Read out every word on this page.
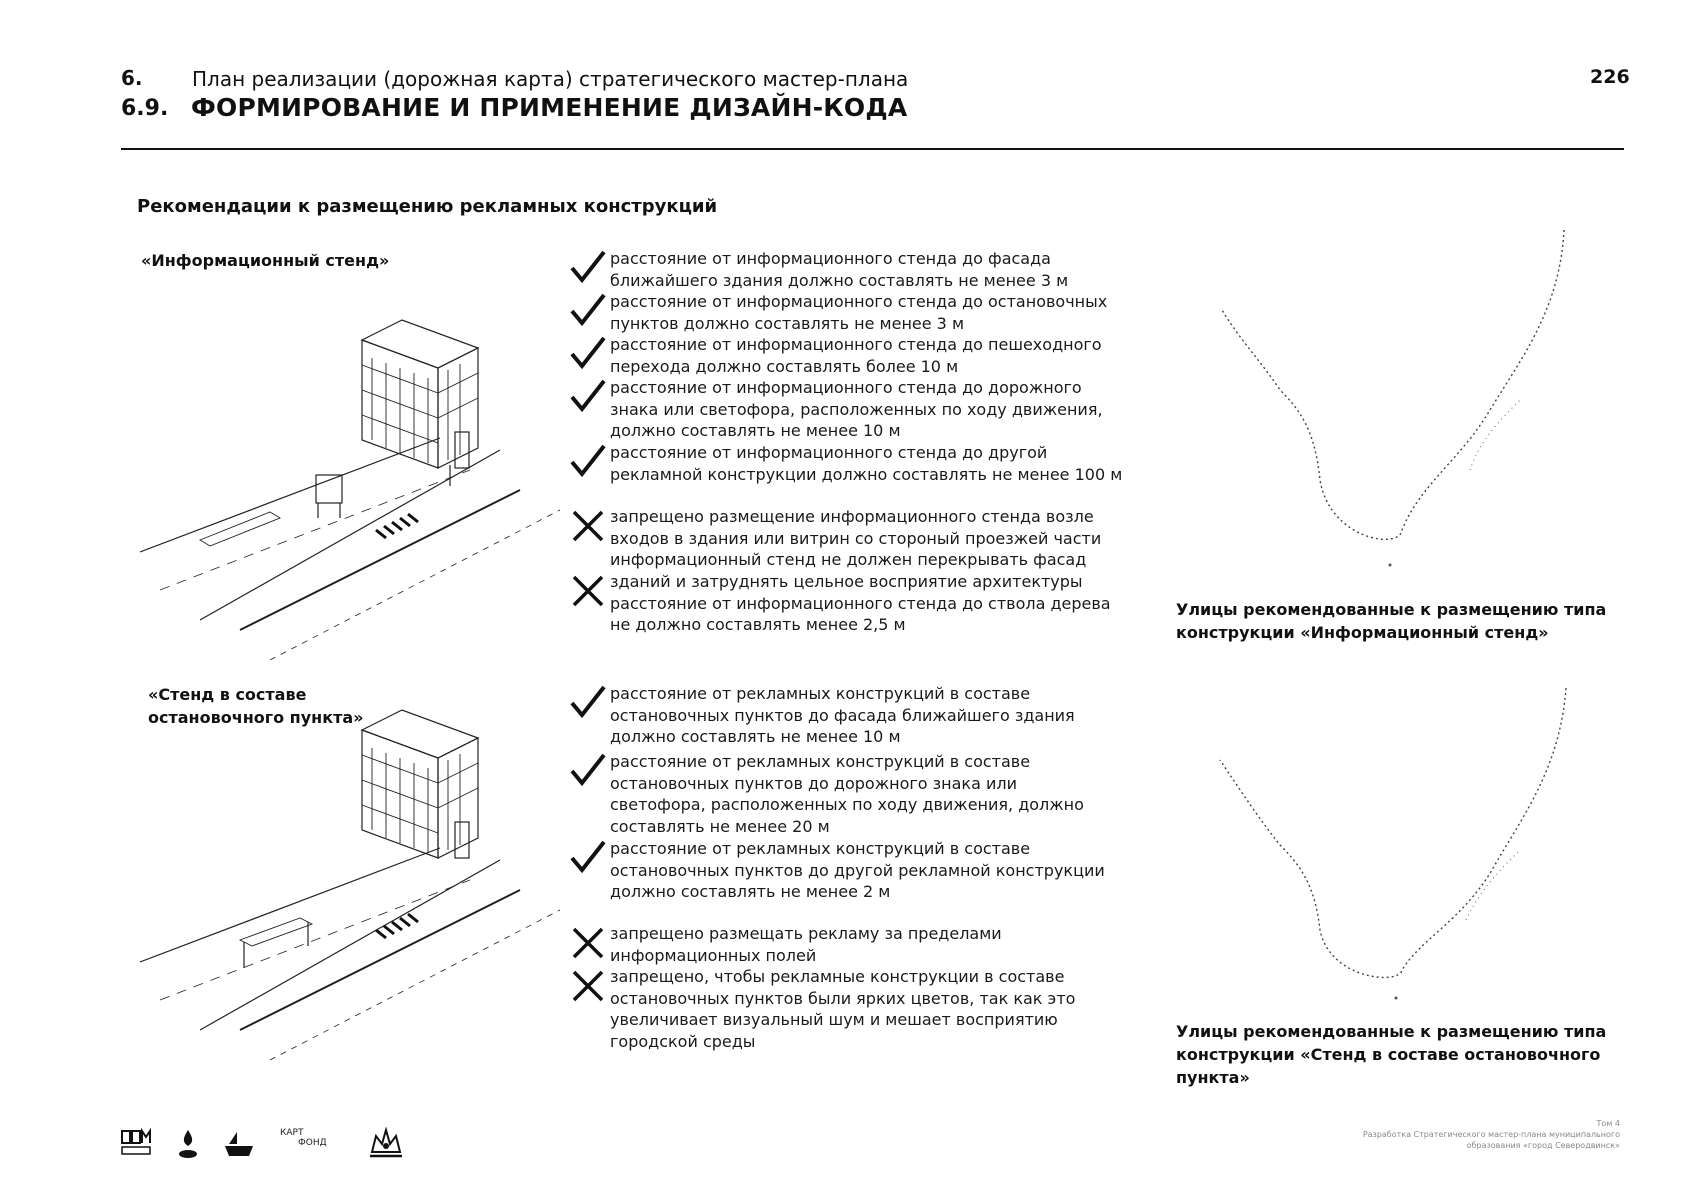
6. План реализации (дорожная карта) стратегического мастер-плана
6.9. ФОРМИРОВАНИЕ И ПРИМЕНЕНИЕ ДИЗАЙН-КОДА
226
Рекомендации к размещению рекламных конструкций
«Информационный стенд»	расстояние от информационного стенда до фасада
ближайшего здания должно составлять не менее 3 м
расстояние от информационного стенда до остановочных
пунктов должно составлять не менее 3 м
расстояние от информационного стенда до пешеходного
перехода должно составлять более 10 м
расстояние от информационного стенда до дорожного
знака или светофора, расположенных по ходу движения,
должно составлять не менее 10 м
расстояние от информационного стенда до другой
рекламной конструкции должно составлять не менее 100 м
запрещено размещение информационного стенда возле
входов в здания или витрин со стороный проезжей части
информационный стенд не должен перекрывать фасад
зданий и затруднять цельное восприятие архитектуры
расстояние от информационного стенда до ствола дерева
не должно составлять менее 2,5 м
Улицы рекомендованные к размещению типа конструкции «Информационный стенд»
«Стенд в составе остановочного пункта»
расстояние от рекламных конструкций в составе
остановочных пунктов до фасада ближайшего здания
должно составлять не менее 10 м
расстояние от рекламных конструкций в составе
остановочных пунктов до дорожного знака или
светофора, расположенных по ходу движения, должно
составлять не менее 20 м
расстояние от рекламных конструкций в составе
остановочных пунктов до другой рекламной конструкции
должно составлять не менее 2 м
запрещено размещать рекламу за пределами
информационных полей
запрещено, чтобы рекламные конструкции в составе
остановочных пунктов были ярких цветов, так как это
увеличивает визуальный шум и мешает восприятию
городской среды
Улицы рекомендованные к размещению типа конструкции «Стенд в составе остановочного пункта»
КАРТ
ФОНД
Том 4
Разработка Стратегического мастер-плана муниципального
образования «город Северодвинск»
